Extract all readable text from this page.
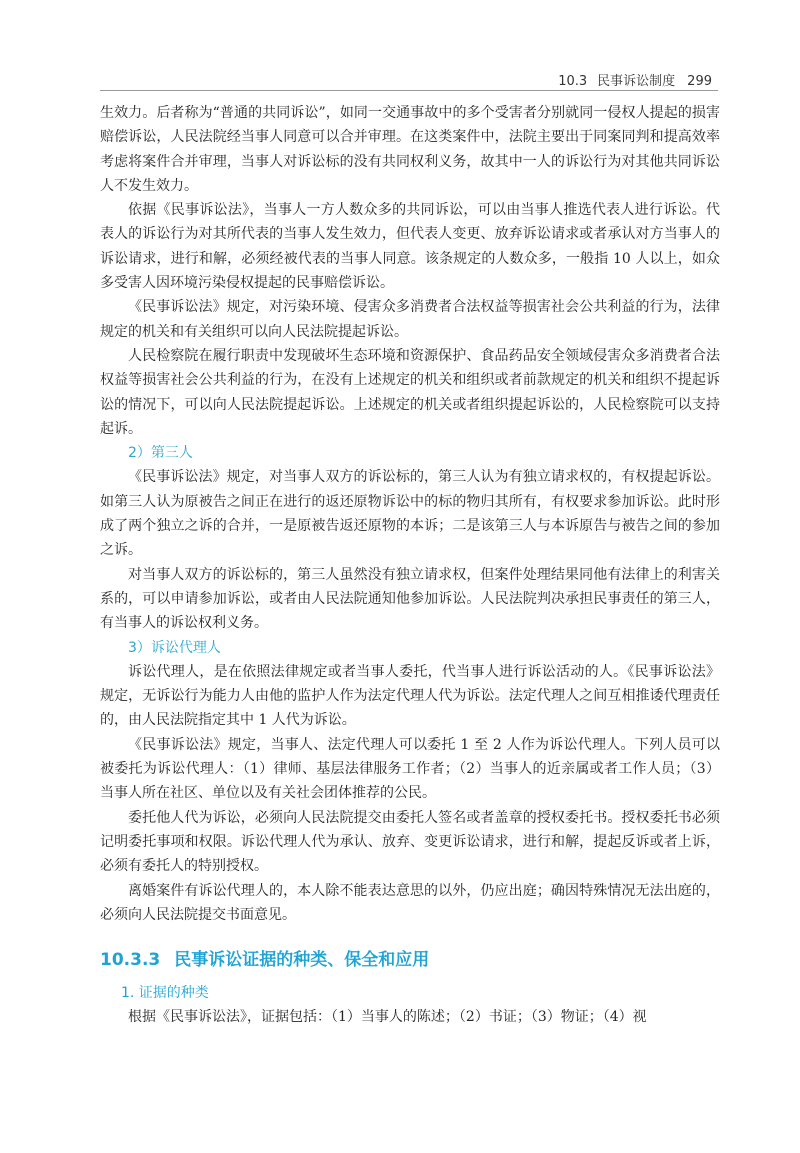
10.3 民事诉讼制度 299

生效力。后者称为“普通的共同诉讼”，如同一交通事故中的多个受害者分别就同一侵权人提起的损害赔偿诉讼，人民法院经当事人同意可以合并审理。在这类案件中，法院主要出于同案同判和提高效率考虑将案件合并审理，当事人对诉讼标的没有共同权利义务，故其中一人的诉讼行为对其他共同诉讼人不发生效力。

依据《民事诉讼法》，当事人一方人数众多的共同诉讼，可以由当事人推选代表人进行诉讼。代表人的诉讼行为对其所代表的当事人发生效力，但代表人变更、放弃诉讼请求或者承认对方当事人的诉讼请求，进行和解，必须经被代表的当事人同意。该条规定的人数众多，一般指 10 人以上，如众多受害人因环境污染侵权提起的民事赔偿诉讼。

《民事诉讼法》规定，对污染环境、侵害众多消费者合法权益等损害社会公共利益的行为，法律规定的机关和有关组织可以向人民法院提起诉讼。

人民检察院在履行职责中发现破坏生态环境和资源保护、食品药品安全领域侵害众多消费者合法权益等损害社会公共利益的行为，在没有上述规定的机关和组织或者前款规定的机关和组织不提起诉讼的情况下，可以向人民法院提起诉讼。上述规定的机关或者组织提起诉讼的，人民检察院可以支持起诉。

2）第三人

《民事诉讼法》规定，对当事人双方的诉讼标的，第三人认为有独立请求权的，有权提起诉讼。如第三人认为原被告之间正在进行的返还原物诉讼中的标的物归其所有，有权要求参加诉讼。此时形成了两个独立之诉的合并，一是原被告返还原物的本诉；二是该第三人与本诉原告与被告之间的参加之诉。

对当事人双方的诉讼标的，第三人虽然没有独立请求权，但案件处理结果同他有法律上的利害关系的，可以申请参加诉讼，或者由人民法院通知他参加诉讼。人民法院判决承担民事责任的第三人，有当事人的诉讼权利义务。

3）诉讼代理人

诉讼代理人，是在依照法律规定或者当事人委托，代当事人进行诉讼活动的人。《民事诉讼法》规定，无诉讼行为能力人由他的监护人作为法定代理人代为诉讼。法定代理人之间互相推诿代理责任的，由人民法院指定其中 1 人代为诉讼。

《民事诉讼法》规定，当事人、法定代理人可以委托 1 至 2 人作为诉讼代理人。下列人员可以被委托为诉讼代理人：（1）律师、基层法律服务工作者；（2）当事人的近亲属或者工作人员；（3）当事人所在社区、单位以及有关社会团体推荐的公民。

委托他人代为诉讼，必须向人民法院提交由委托人签名或者盖章的授权委托书。授权委托书必须记明委托事项和权限。诉讼代理人代为承认、放弃、变更诉讼请求，进行和解，提起反诉或者上诉，必须有委托人的特别授权。

离婚案件有诉讼代理人的，本人除不能表达意思的以外，仍应出庭；确因特殊情况无法出庭的，必须向人民法院提交书面意见。

10.3.3 民事诉讼证据的种类、保全和应用
1. 证据的种类

根据《民事诉讼法》，证据包括：（1）当事人的陈述；（2）书证；（3）物证；（4）视
